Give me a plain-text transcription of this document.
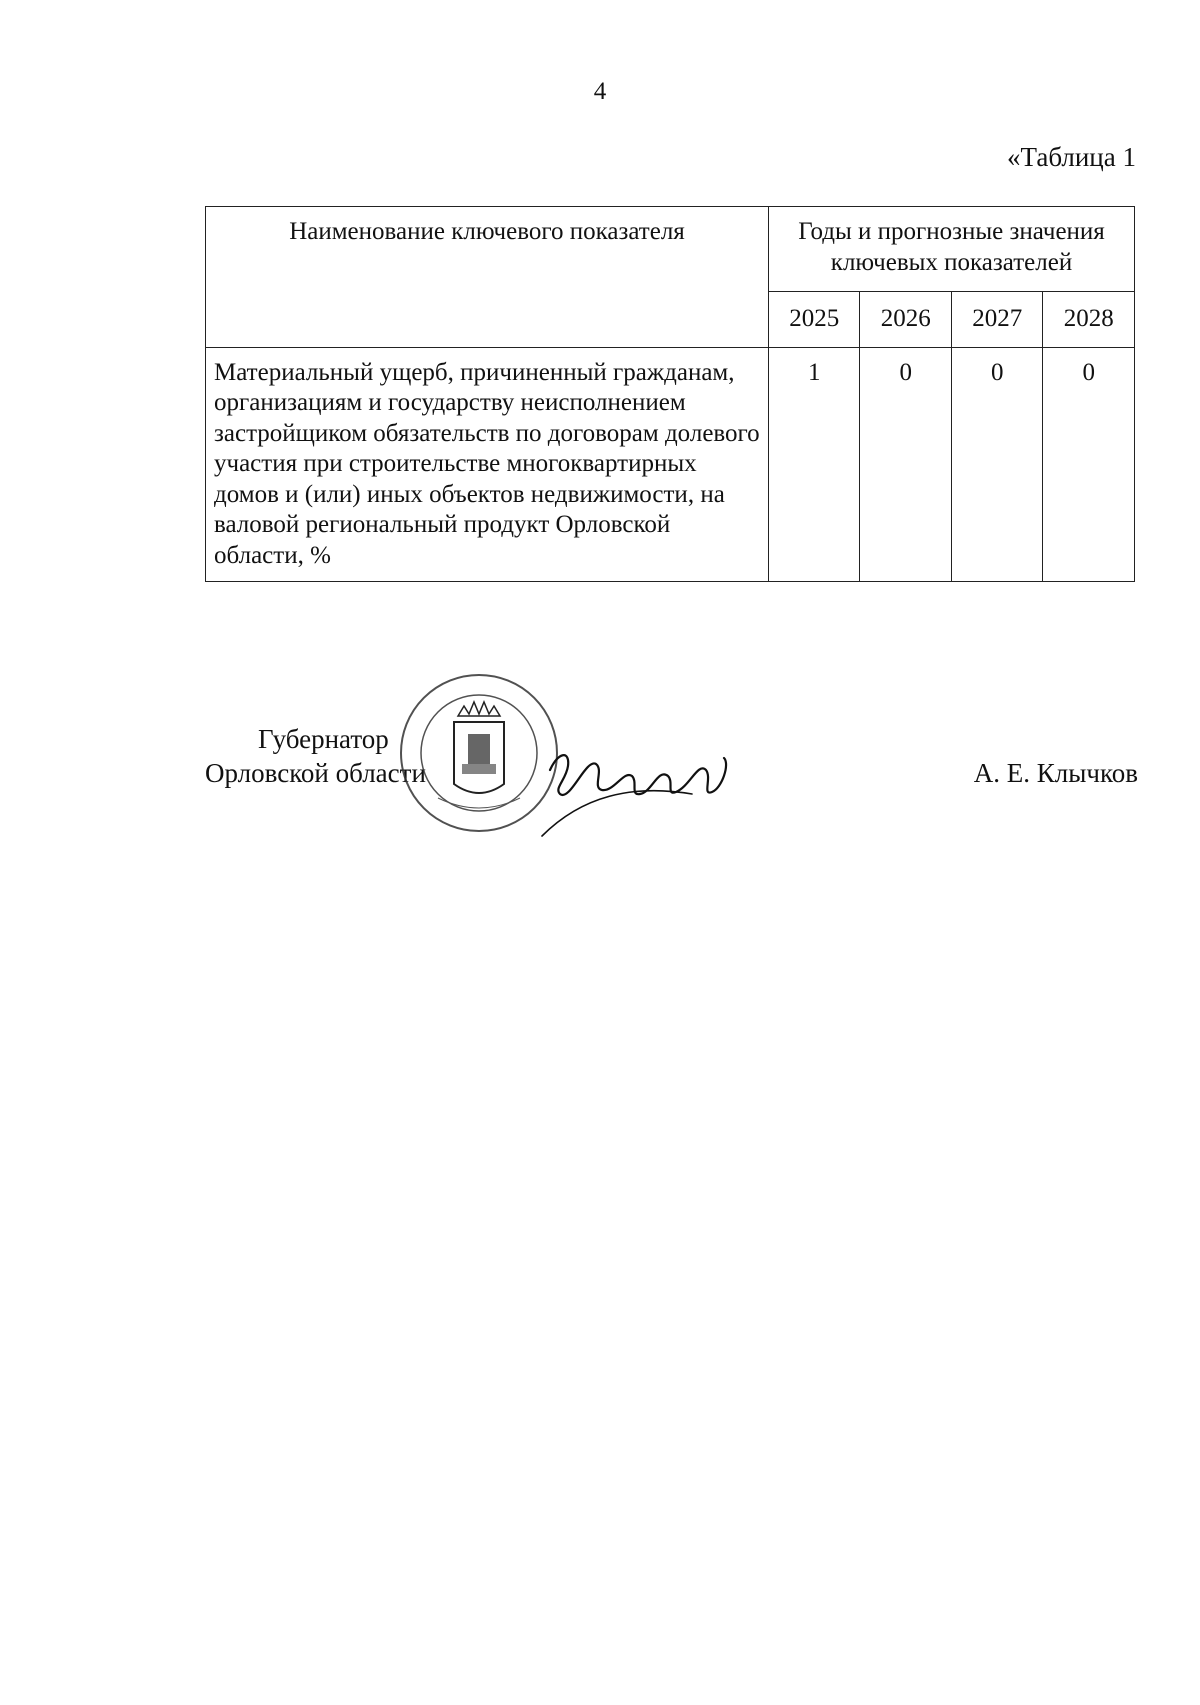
4
«Таблица 1
Наименование ключевого показателя	Годы и прогнозные значения ключевых показателей			
	2025	2026	2027	2028
Материальный ущерб, причиненный гражданам, организациям и государству неисполнением застройщиком обязательств по договорам долевого участия при строительстве многоквартирных домов и (или) иных объектов недвижимости, на валовой региональный продукт Орловской области, %	1	0	0	0
Губернатор
Орловской области	А. Е. Клычков
